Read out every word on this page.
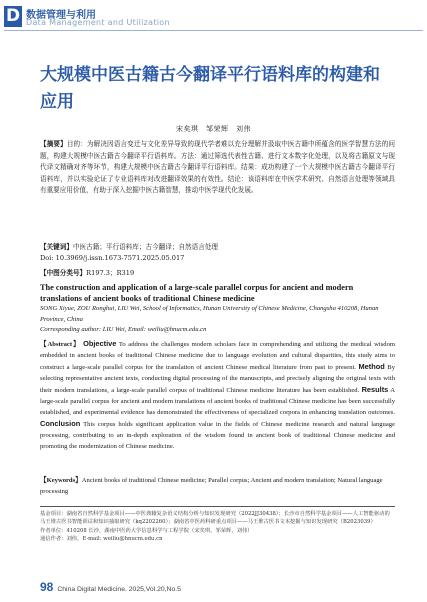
D 数据管理与利用
Data Management and Utilization
大规模中医古籍古今翻译平行语料库的构建和应用
宋矣琪　邹荣辉　刘伟
【摘要】目的：为解决因语言变迁与文化差异导致的现代学者难以充分理解并汲取中医古籍中所蕴含的医学智慧方法的问题，构建大规模中医古籍古今翻译平行语料库。方法：通过筛选代表性古籍、进行文本数字化处理，以及将古籍原文与现代译文精确对齐等环节，构建大规模中医古籍古今翻译平行语料库。结果：成功构建了一个大规模中医古籍古今翻译平行语料库，并以实验论证了专业语料库对改进翻译效果的有效性。结论：该语料库在中医学术研究、自然语言处理等领域具有重要应用价值，有助于深入挖掘中医古籍智慧，推动中医学现代化发展。
【关键词】中医古籍；平行语料库；古今翻译；自然语言处理
Doi: 10.3969/j.issn.1673-7571.2025.05.017
【中图分类号】R197.3；R319
The construction and application of a large-scale parallel corpus for ancient and modern translations of ancient books of traditional Chinese medicine
SONG Xiyue, ZOU Ronghui, LIU Wei, School of Informatics, Hunan University of Chinese Medicine, Changsha 410208, Hunan Province, China
Corresponding author: LIU Wei, Email: weiliu@hnucm.edu.cn
【Abstract】 Objective To address the challenges modern scholars face in comprehending and utilizing the medical wisdom embedded in ancient books of traditional Chinese medicine due to language evolution and cultural disparities, this study aims to construct a large-scale parallel corpus for the translation of ancient Chinese medical literature from past to present. Method By selecting representative ancient texts, conducting digital processing of the manuscripts, and precisely aligning the original texts with their modern translations, a large-scale parallel corpus of traditional Chinese medicine literature has been established. Results A large-scale parallel corpus for ancient and modern translations of ancient books of traditional Chinese medicine has been successfully established, and experimental evidence has demonstrated the effectiveness of specialized corpora in enhancing translation outcomes. Conclusion This corpus holds significant application value in the fields of Chinese medicine research and natural language processing, contributing to an in-depth exploration of the wisdom found in ancient book of traditional Chinese medicine and promoting the modernization of Chinese medicine.
【Keywords】Ancient books of traditional Chinese medicine; Parallel corpus; Ancient and modern translation; Natural language processing
基金项目：湖南省自然科学基金项目——中医典籍复杂语义结构分析与知识发现研究（2022JJ30438）；长沙市自然科学基金项目——人工智能驱动的马王堆古医书智能训诂和知识抽取研究（kq2202260）；湖南省中医药科研重点项目——马王堆古医书文本挖掘与知识发现研究（B2023039）
作者单位：410208 长沙，湖南中医药大学信息科学与工程学院（宋矣琪，邹荣辉，刘伟）
通信作者：刘伟，E-mail: weiliu@hnucm.edu.cn
98 China Digital Medicine. 2025,Vol.20,No.5
